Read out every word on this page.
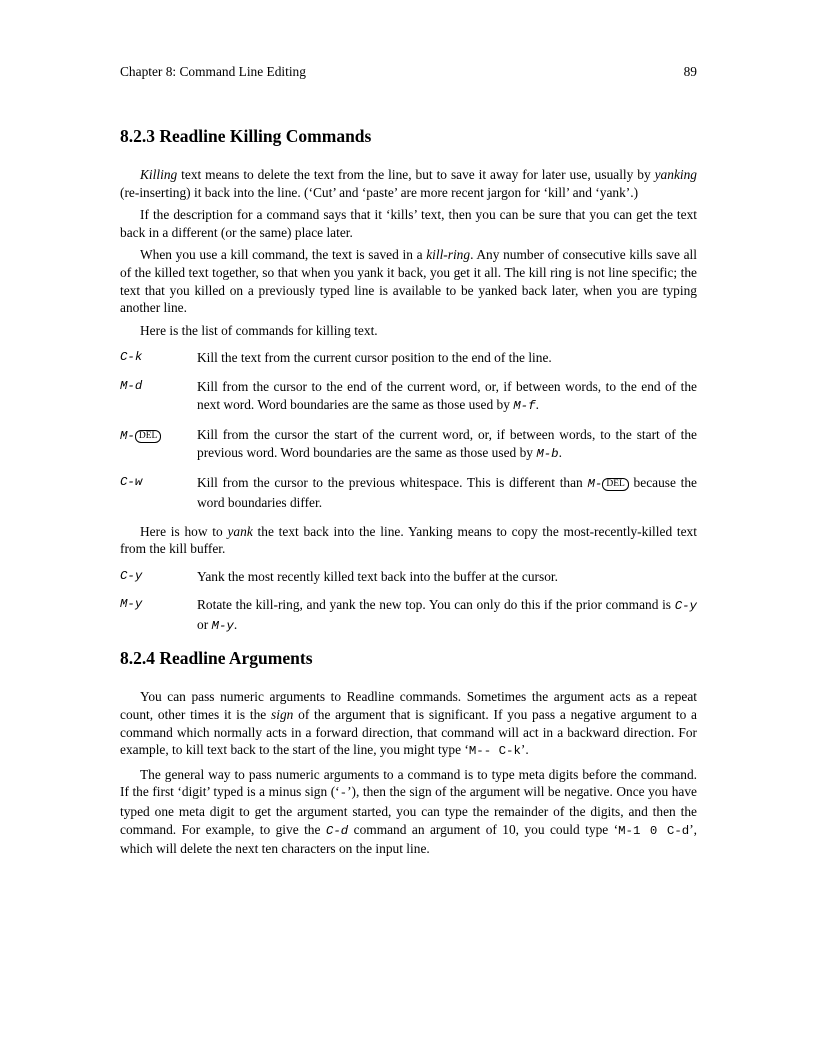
Chapter 8: Command Line Editing	89
8.2.3 Readline Killing Commands

Killing text means to delete the text from the line, but to save it away for later use, usually by yanking (re-inserting) it back into the line. (‘Cut’ and ‘paste’ are more recent jargon for ‘kill’ and ‘yank’.)

If the description for a command says that it ‘kills’ text, then you can be sure that you can get the text back in a different (or the same) place later.

When you use a kill command, the text is saved in a kill-ring. Any number of consecutive kills save all of the killed text together, so that when you yank it back, you get it all. The kill ring is not line specific; the text that you killed on a previously typed line is available to be yanked back later, when you are typing another line.

Here is the list of commands for killing text.

C-k	Kill the text from the current cursor position to the end of the line.
M-d	Kill from the cursor to the end of the current word, or, if between words, to the end of the next word. Word boundaries are the same as those used by M-f.
M- DEL	Kill from the cursor the start of the current word, or, if between words, to the start of the previous word. Word boundaries are the same as those used by M-b.
C-w	Kill from the cursor to the previous whitespace. This is different than M- DEL because the word boundaries differ.

Here is how to yank the text back into the line. Yanking means to copy the most-recently-killed text from the kill buffer.

C-y	Yank the most recently killed text back into the buffer at the cursor.
M-y	Rotate the kill-ring, and yank the new top. You can only do this if the prior command is C-y or M-y.
8.2.4 Readline Arguments

You can pass numeric arguments to Readline commands. Sometimes the argument acts as a repeat count, other times it is the sign of the argument that is significant. If you pass a negative argument to a command which normally acts in a forward direction, that command will act in a backward direction. For example, to kill text back to the start of the line, you might type ‘M-- C-k’.

The general way to pass numeric arguments to a command is to type meta digits before the command. If the first ‘digit’ typed is a minus sign (‘-’), then the sign of the argument will be negative. Once you have typed one meta digit to get the argument started, you can type the remainder of the digits, and then the command. For example, to give the C-d command an argument of 10, you could type ‘M-1 0 C-d’, which will delete the next ten characters on the input line.
